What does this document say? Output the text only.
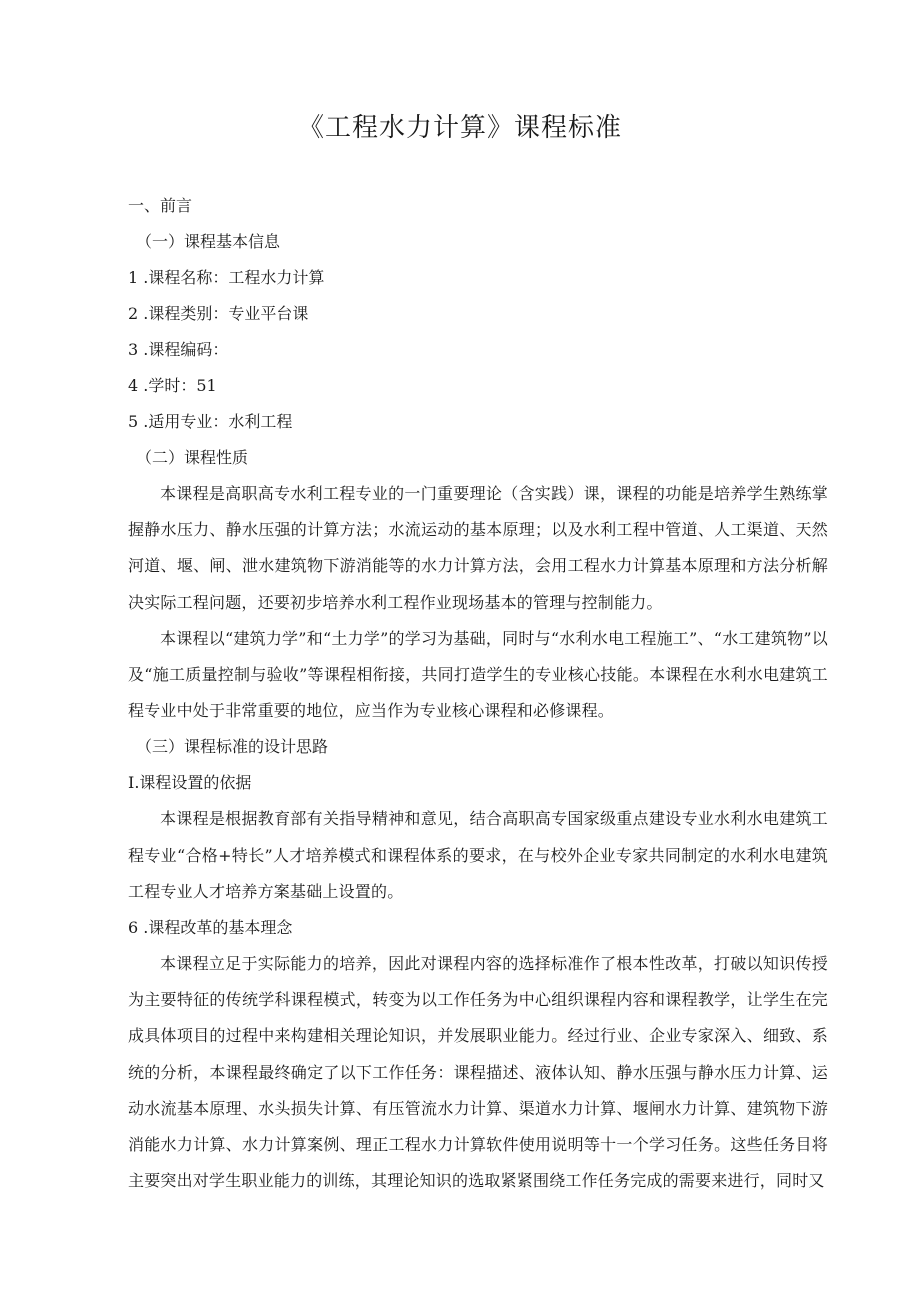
《工程水力计算》课程标准

一、前言

（一）课程基本信息

1 .课程名称：工程水力计算

2 .课程类别：专业平台课

3 .课程编码：

4 .学时：51

5 .适用专业：水利工程

（二）课程性质

本课程是高职高专水利工程专业的一门重要理论（含实践）课，课程的功能是培养学生熟练掌握静水压力、静水压强的计算方法；水流运动的基本原理；以及水利工程中管道、人工渠道、天然河道、堰、闸、泄水建筑物下游消能等的水力计算方法，会用工程水力计算基本原理和方法分析解决实际工程问题，还要初步培养水利工程作业现场基本的管理与控制能力。

本课程以“建筑力学”和“土力学”的学习为基础，同时与“水利水电工程施工”、“水工建筑物”以及“施工质量控制与验收”等课程相衔接，共同打造学生的专业核心技能。本课程在水利水电建筑工程专业中处于非常重要的地位，应当作为专业核心课程和必修课程。

（三）课程标准的设计思路

I.课程设置的依据

本课程是根据教育部有关指导精神和意见，结合高职高专国家级重点建设专业水利水电建筑工程专业“合格+特长”人才培养模式和课程体系的要求，在与校外企业专家共同制定的水利水电建筑工程专业人才培养方案基础上设置的。

6 .课程改革的基本理念

本课程立足于实际能力的培养，因此对课程内容的选择标准作了根本性改革，打破以知识传授为主要特征的传统学科课程模式，转变为以工作任务为中心组织课程内容和课程教学，让学生在完成具体项目的过程中来构建相关理论知识，并发展职业能力。经过行业、企业专家深入、细致、系统的分析，本课程最终确定了以下工作任务：课程描述、液体认知、静水压强与静水压力计算、运动水流基本原理、水头损失计算、有压管流水力计算、渠道水力计算、堰闸水力计算、建筑物下游消能水力计算、水力计算案例、理正工程水力计算软件使用说明等十一个学习任务。这些任务目将主要突出对学生职业能力的训练，其理论知识的选取紧紧围绕工作任务完成的需要来进行，同时又
